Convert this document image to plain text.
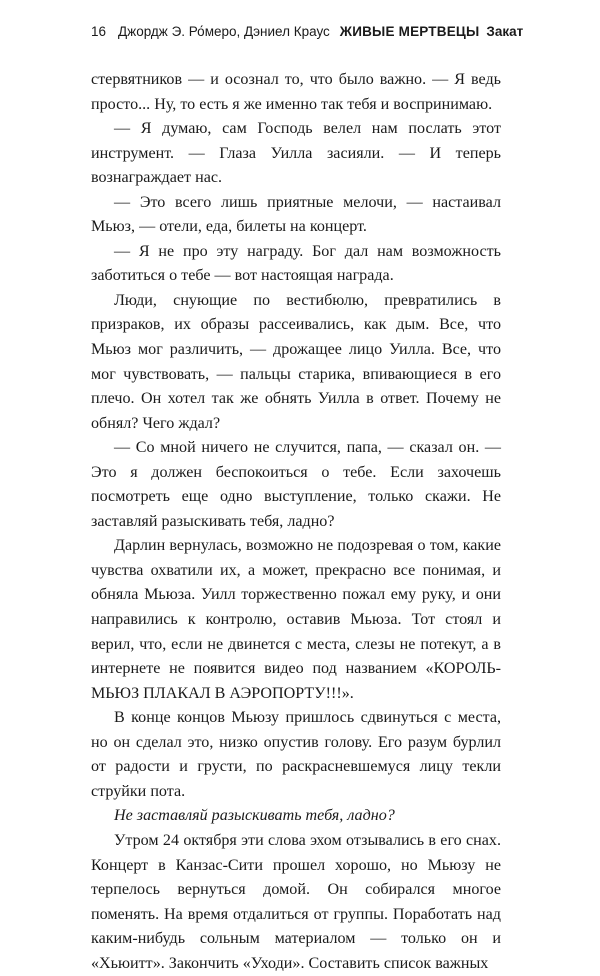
16 Джордж Э. Ро́меро, Дэниел Краус ЖИВЫЕ МЕРТВЕЦЫ Закат

стервятников — и осознал то, что было важно. — Я ведь просто... Ну, то есть я же именно так тебя и воспринимаю.

— Я думаю, сам Господь велел нам послать этот инструмент. — Глаза Уилла засияли. — И теперь вознаграждает нас.

— Это всего лишь приятные мелочи, — настаивал Мьюз, — отели, еда, билеты на концерт.

— Я не про эту награду. Бог дал нам возможность заботиться о тебе — вот настоящая награда.

Люди, снующие по вестибюлю, превратились в призраков, их образы рассеивались, как дым. Все, что Мьюз мог различить, — дрожащее лицо Уилла. Все, что мог чувствовать, — пальцы старика, впивающиеся в его плечо. Он хотел так же обнять Уилла в ответ. Почему не обнял? Чего ждал?

— Со мной ничего не случится, папа, — сказал он. — Это я должен беспокоиться о тебе. Если захочешь посмотреть еще одно выступление, только скажи. Не заставляй разыскивать тебя, ладно?

Дарлин вернулась, возможно не подозревая о том, какие чувства охватили их, а может, прекрасно все понимая, и обняла Мьюза. Уилл торжественно пожал ему руку, и они направились к контролю, оставив Мьюза. Тот стоял и верил, что, если не двинется с места, слезы не потекут, а в интернете не появится видео под названием «КОРОЛЬ-МЬЮЗ ПЛАКАЛ В АЭРОПОРТУ!!!».

В конце концов Мьюзу пришлось сдвинуться с места, но он сделал это, низко опустив голову. Его разум бурлил от радости и грусти, по раскрасневшемуся лицу текли струйки пота.

Не заставляй разыскивать тебя, ладно?

Утром 24 октября эти слова эхом отзывались в его снах. Концерт в Канзас-Сити прошел хорошо, но Мьюзу не терпелось вернуться домой. Он собирался многое поменять. На время отдалиться от группы. Поработать над каким-нибудь сольным материалом — только он и «Хьюитт». Закончить «Уходи». Составить список важных
